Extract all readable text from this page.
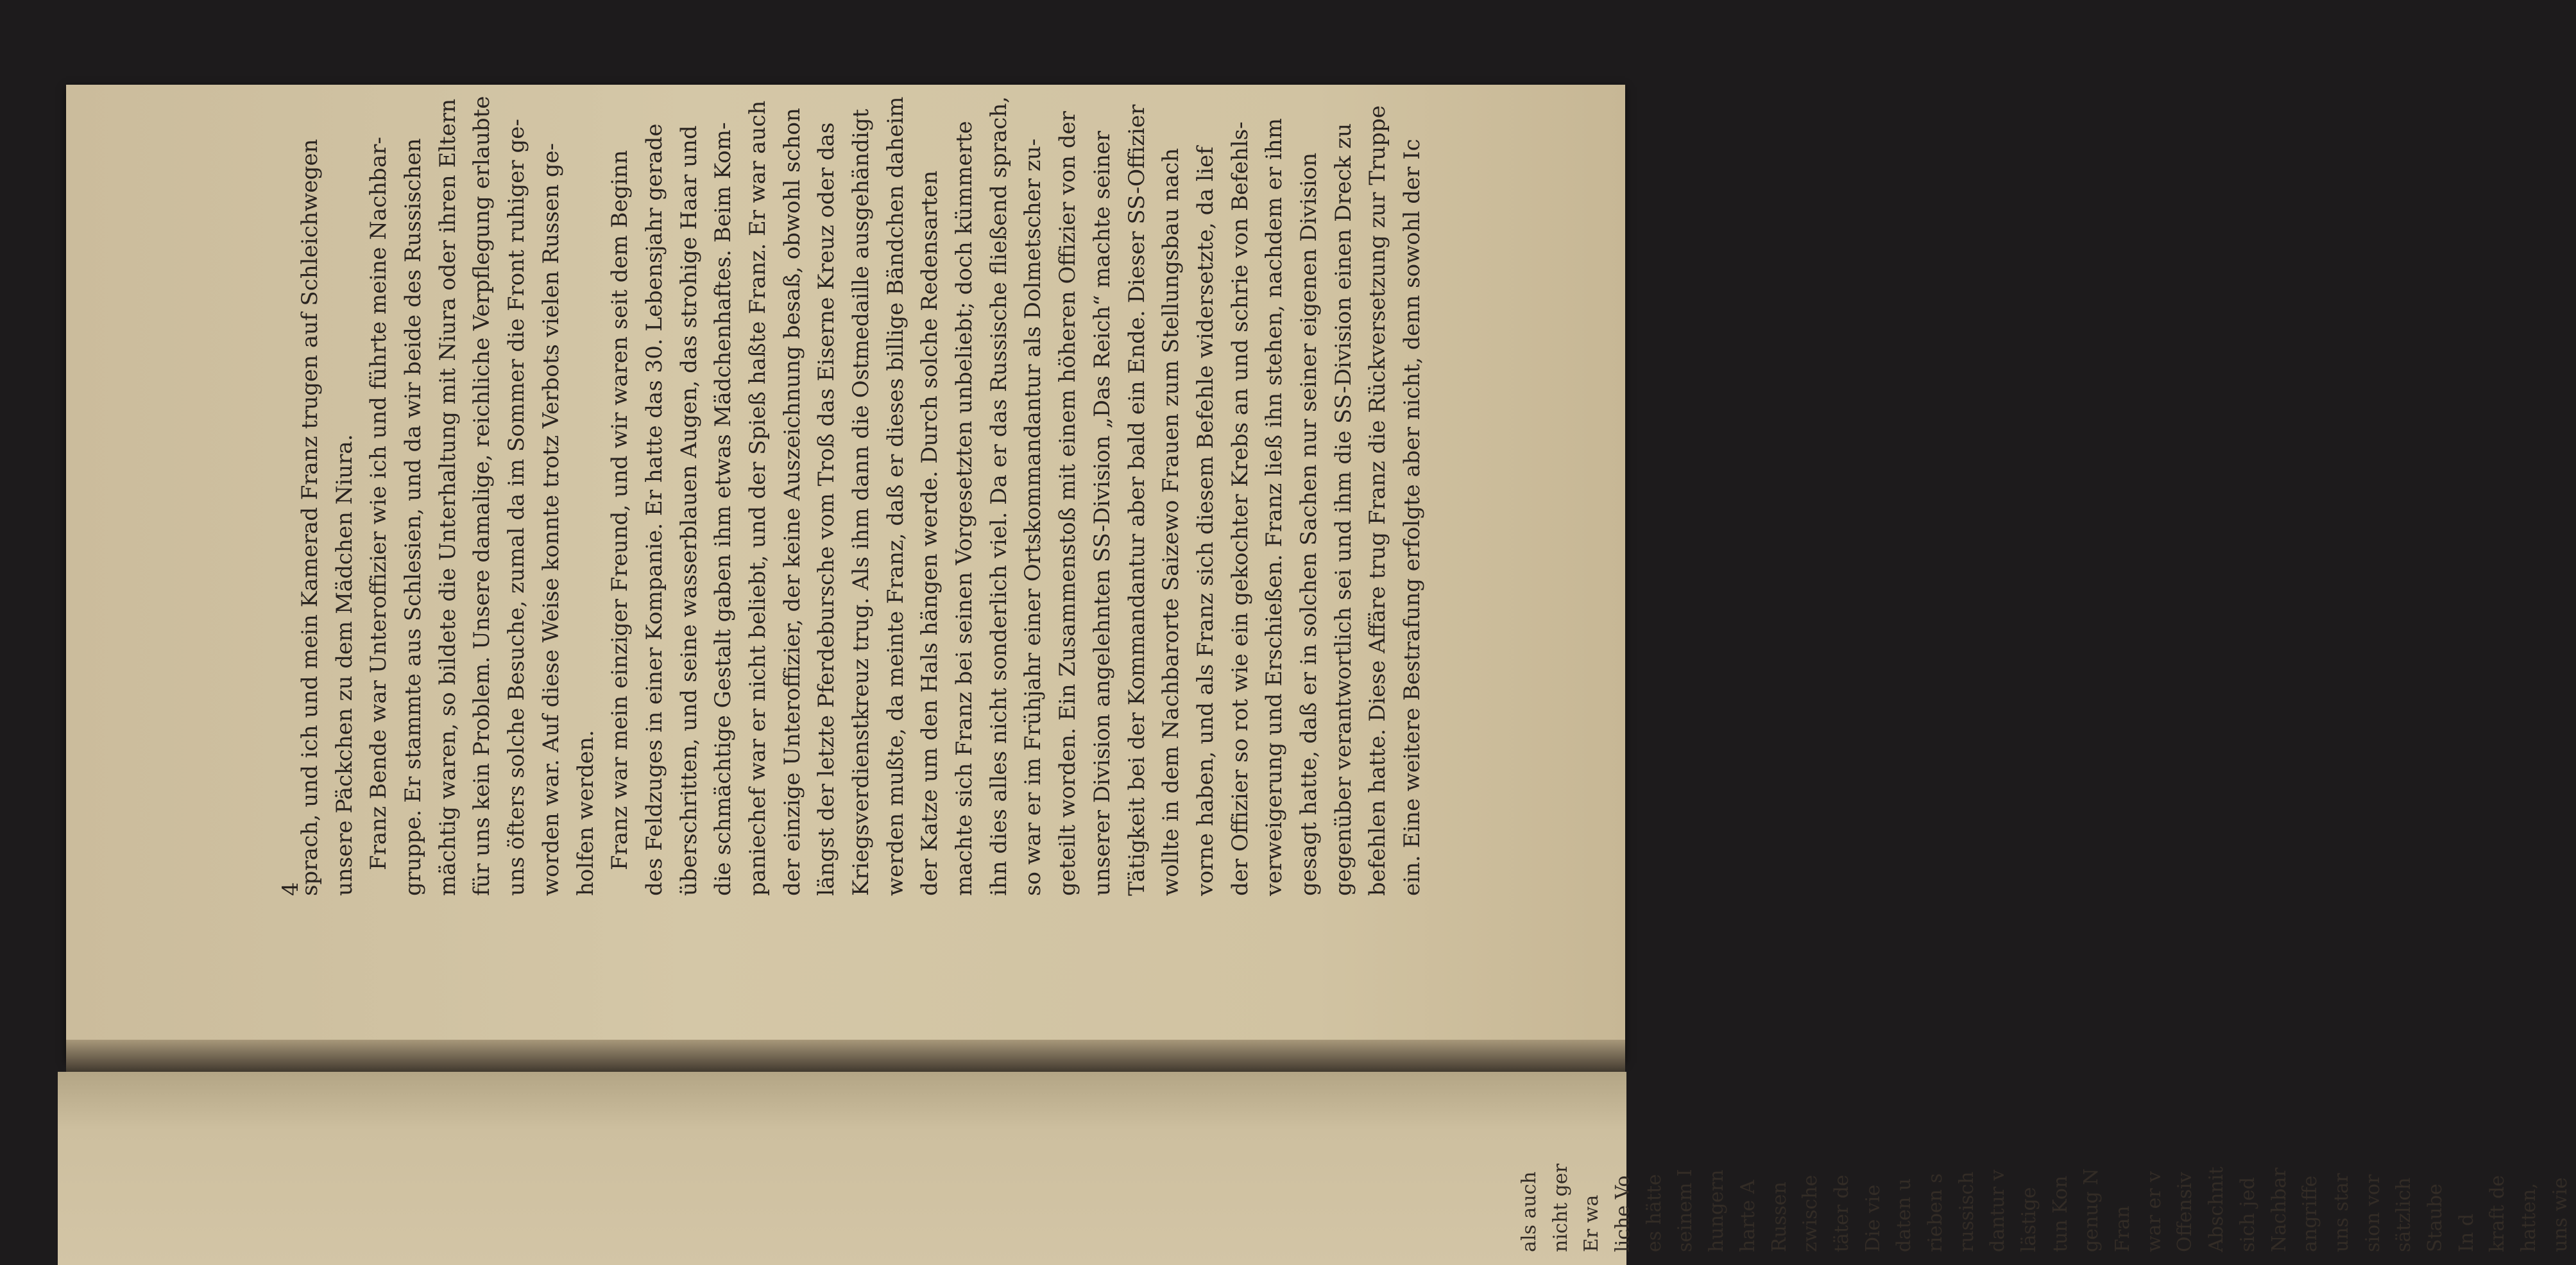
4
sprach, und ich und mein Kamerad Franz trugen auf Schleichwegen unsere Päckchen zu dem Mädchen Niura. Franz Bende war Unteroffizier wie ich und führte meine Nachbar- gruppe. Er stammte aus Schlesien, und da wir beide des Russischen mächtig waren, so bildete die Unterhaltung mit Niura oder ihren Eltern für uns kein Problem. Unsere damalige, reichliche Verpflegung erlaubte uns öfters solche Besuche, zumal da im Sommer die Front ruhiger ge- worden war. Auf diese Weise konnte trotz Verbots vielen Russen ge- holfen werden. Franz war mein einziger Freund, und wir waren seit dem Beginn des Feldzuges in einer Kompanie. Er hatte das 30. Lebensjahr gerade überschritten, und seine wasserblauen Augen, das strohige Haar und die schmächtige Gestalt gaben ihm etwas Mädchenhaftes. Beim Kom- paniechef war er nicht beliebt, und der Spieß haßte Franz. Er war auch der einzige Unteroffizier, der keine Auszeichnung besaß, obwohl schon längst der letzte Pferdebursche vom Troß das Eiserne Kreuz oder das Kriegsverdienstkreuz trug. Als ihm dann die Ostmedaille ausgehändigt werden mußte, da meinte Franz, daß er dieses billige Bändchen daheim der Katze um den Hals hängen werde. Durch solche Redensarten machte sich Franz bei seinen Vorgesetzten unbeliebt; doch kümmerte ihn dies alles nicht sonderlich viel. Da er das Russische fließend sprach, so war er im Frühjahr einer Ortskommandantur als Dolmetscher zu- geteilt worden. Ein Zusammenstoß mit einem höheren Offizier von der unserer Division angelehnten SS-Division „Das Reich“ machte seiner Tätigkeit bei der Kommandantur aber bald ein Ende. Dieser SS-Offizier wollte in dem Nachbarorte Saizewo Frauen zum Stellungsbau nach vorne haben, und als Franz sich diesem Befehle widersetzte, da lief der Offizier so rot wie ein gekochter Krebs an und schrie von Befehls- verweigerung und Erschießen. Franz ließ ihn stehen, nachdem er ihm gesagt hatte, daß er in solchen Sachen nur seiner eigenen Division gegenüber verantwortlich sei und ihm die SS-Division einen Dreck zu befehlen hatte. Diese Affäre trug Franz die Rückversetzung zur Truppe ein. Eine weitere Bestrafung erfolgte aber nicht, denn sowohl der Ic
als auch nicht ger Er wa liche Vo es hätte seinem I hungern harte A Russen zwische täter de Die vie daten u rieben s russisch dantur v lästige tun Kon genug N Fran war er v Offensiv Abschnit sich jed Nachbar angriffe uns star sion vor sätzlich Staube In d kraft de hatten, uns wie
